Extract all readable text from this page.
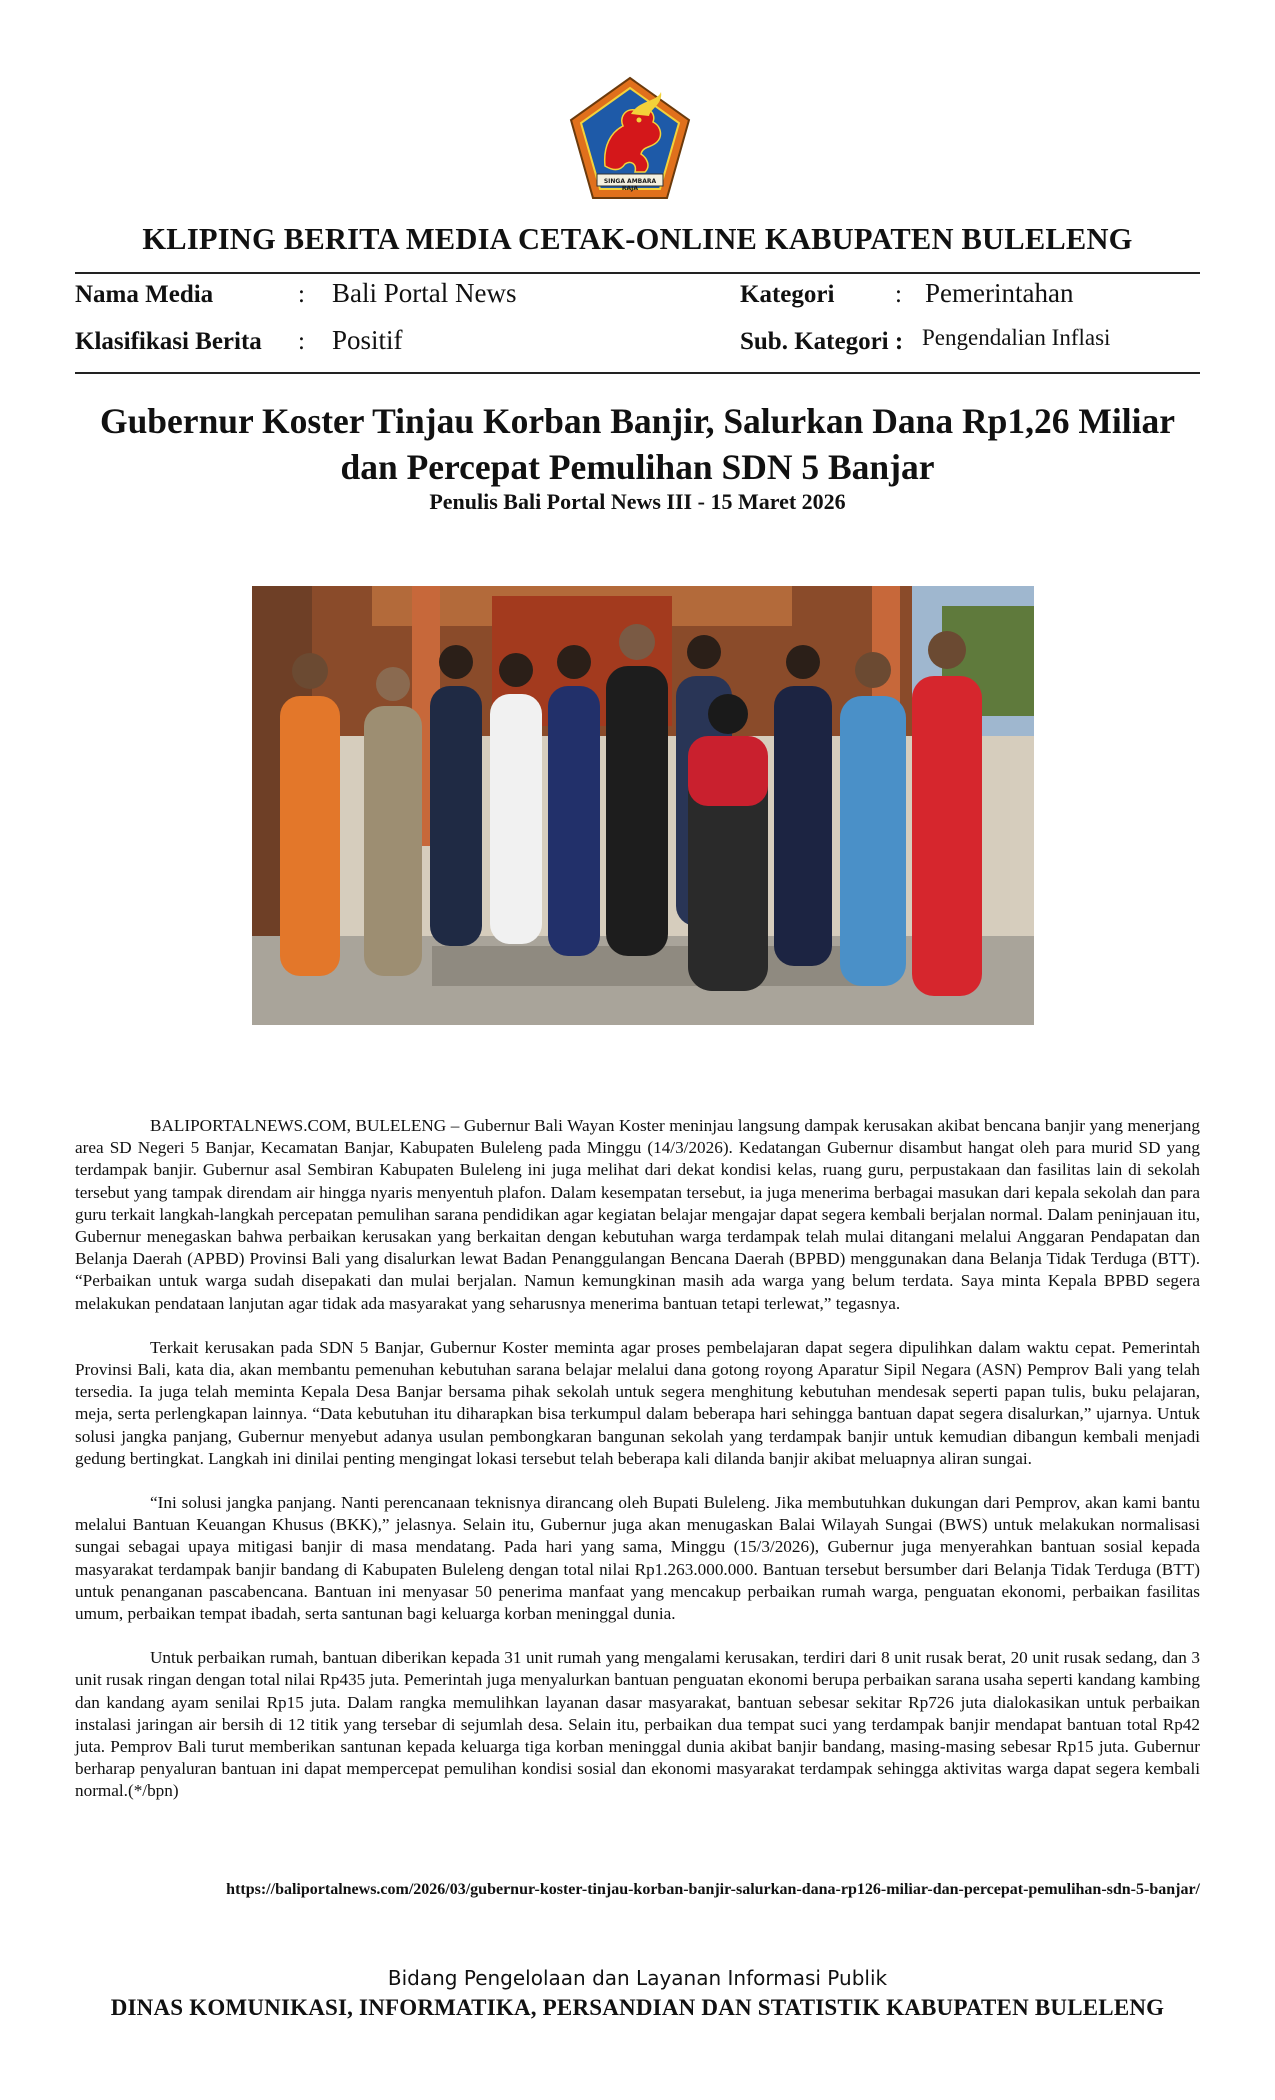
SINGA AMBARA RAJA
KLIPING BERITA MEDIA CETAK-ONLINE KABUPATEN BULELENG
Nama Media	: Bali Portal News	Kategori : Pemerintahan
Klasifikasi Berita : Positif	Sub. Kategori : Pengendalian Inflasi
Gubernur Koster Tinjau Korban Banjir, Salurkan Dana Rp1,26 Miliar
dan Percepat Pemulihan SDN 5 Banjar
Penulis Bali Portal News III - 15 Maret 2026

BALIPORTALNEWS.COM, BULELENG – Gubernur Bali Wayan Koster meninjau langsung dampak kerusakan akibat bencana banjir yang menerjang area SD Negeri 5 Banjar, Kecamatan Banjar, Kabupaten Buleleng pada Minggu (14/3/2026). Kedatangan Gubernur disambut hangat oleh para murid SD yang terdampak banjir. Gubernur asal Sembiran Kabupaten Buleleng ini juga melihat dari dekat kondisi kelas, ruang guru, perpustakaan dan fasilitas lain di sekolah tersebut yang tampak direndam air hingga nyaris menyentuh plafon. Dalam kesempatan tersebut, ia juga menerima berbagai masukan dari kepala sekolah dan para guru terkait langkah-langkah percepatan pemulihan sarana pendidikan agar kegiatan belajar mengajar dapat segera kembali berjalan normal. Dalam peninjauan itu, Gubernur menegaskan bahwa perbaikan kerusakan yang berkaitan dengan kebutuhan warga terdampak telah mulai ditangani melalui Anggaran Pendapatan dan Belanja Daerah (APBD) Provinsi Bali yang disalurkan lewat Badan Penanggulangan Bencana Daerah (BPBD) menggunakan dana Belanja Tidak Terduga (BTT). “Perbaikan untuk warga sudah disepakati dan mulai berjalan. Namun kemungkinan masih ada warga yang belum terdata. Saya minta Kepala BPBD segera melakukan pendataan lanjutan agar tidak ada masyarakat yang seharusnya menerima bantuan tetapi terlewat,” tegasnya.

Terkait kerusakan pada SDN 5 Banjar, Gubernur Koster meminta agar proses pembelajaran dapat segera dipulihkan dalam waktu cepat. Pemerintah Provinsi Bali, kata dia, akan membantu pemenuhan kebutuhan sarana belajar melalui dana gotong royong Aparatur Sipil Negara (ASN) Pemprov Bali yang telah tersedia. Ia juga telah meminta Kepala Desa Banjar bersama pihak sekolah untuk segera menghitung kebutuhan mendesak seperti papan tulis, buku pelajaran, meja, serta perlengkapan lainnya. “Data kebutuhan itu diharapkan bisa terkumpul dalam beberapa hari sehingga bantuan dapat segera disalurkan,” ujarnya. Untuk solusi jangka panjang, Gubernur menyebut adanya usulan pembongkaran bangunan sekolah yang terdampak banjir untuk kemudian dibangun kembali menjadi gedung bertingkat. Langkah ini dinilai penting mengingat lokasi tersebut telah beberapa kali dilanda banjir akibat meluapnya aliran sungai.

“Ini solusi jangka panjang. Nanti perencanaan teknisnya dirancang oleh Bupati Buleleng. Jika membutuhkan dukungan dari Pemprov, akan kami bantu melalui Bantuan Keuangan Khusus (BKK),” jelasnya. Selain itu, Gubernur juga akan menugaskan Balai Wilayah Sungai (BWS) untuk melakukan normalisasi sungai sebagai upaya mitigasi banjir di masa mendatang. Pada hari yang sama, Minggu (15/3/2026), Gubernur juga menyerahkan bantuan sosial kepada masyarakat terdampak banjir bandang di Kabupaten Buleleng dengan total nilai Rp1.263.000.000. Bantuan tersebut bersumber dari Belanja Tidak Terduga (BTT) untuk penanganan pascabencana. Bantuan ini menyasar 50 penerima manfaat yang mencakup perbaikan rumah warga, penguatan ekonomi, perbaikan fasilitas umum, perbaikan tempat ibadah, serta santunan bagi keluarga korban meninggal dunia.

Untuk perbaikan rumah, bantuan diberikan kepada 31 unit rumah yang mengalami kerusakan, terdiri dari 8 unit rusak berat, 20 unit rusak sedang, dan 3 unit rusak ringan dengan total nilai Rp435 juta. Pemerintah juga menyalurkan bantuan penguatan ekonomi berupa perbaikan sarana usaha seperti kandang kambing dan kandang ayam senilai Rp15 juta. Dalam rangka memulihkan layanan dasar masyarakat, bantuan sebesar sekitar Rp726 juta dialokasikan untuk perbaikan instalasi jaringan air bersih di 12 titik yang tersebar di sejumlah desa. Selain itu, perbaikan dua tempat suci yang terdampak banjir mendapat bantuan total Rp42 juta. Pemprov Bali turut memberikan santunan kepada keluarga tiga korban meninggal dunia akibat banjir bandang, masing-masing sebesar Rp15 juta. Gubernur berharap penyaluran bantuan ini dapat mempercepat pemulihan kondisi sosial dan ekonomi masyarakat terdampak sehingga aktivitas warga dapat segera kembali normal.(*/bpn)

https://baliportalnews.com/2026/03/gubernur-koster-tinjau-korban-banjir-salurkan-dana-rp126-miliar-dan-percepat-pemulihan-sdn-5-banjar/
Bidang Pengelolaan dan Layanan Informasi Publik
DINAS KOMUNIKASI, INFORMATIKA, PERSANDIAN DAN STATISTIK KABUPATEN BULELENG
